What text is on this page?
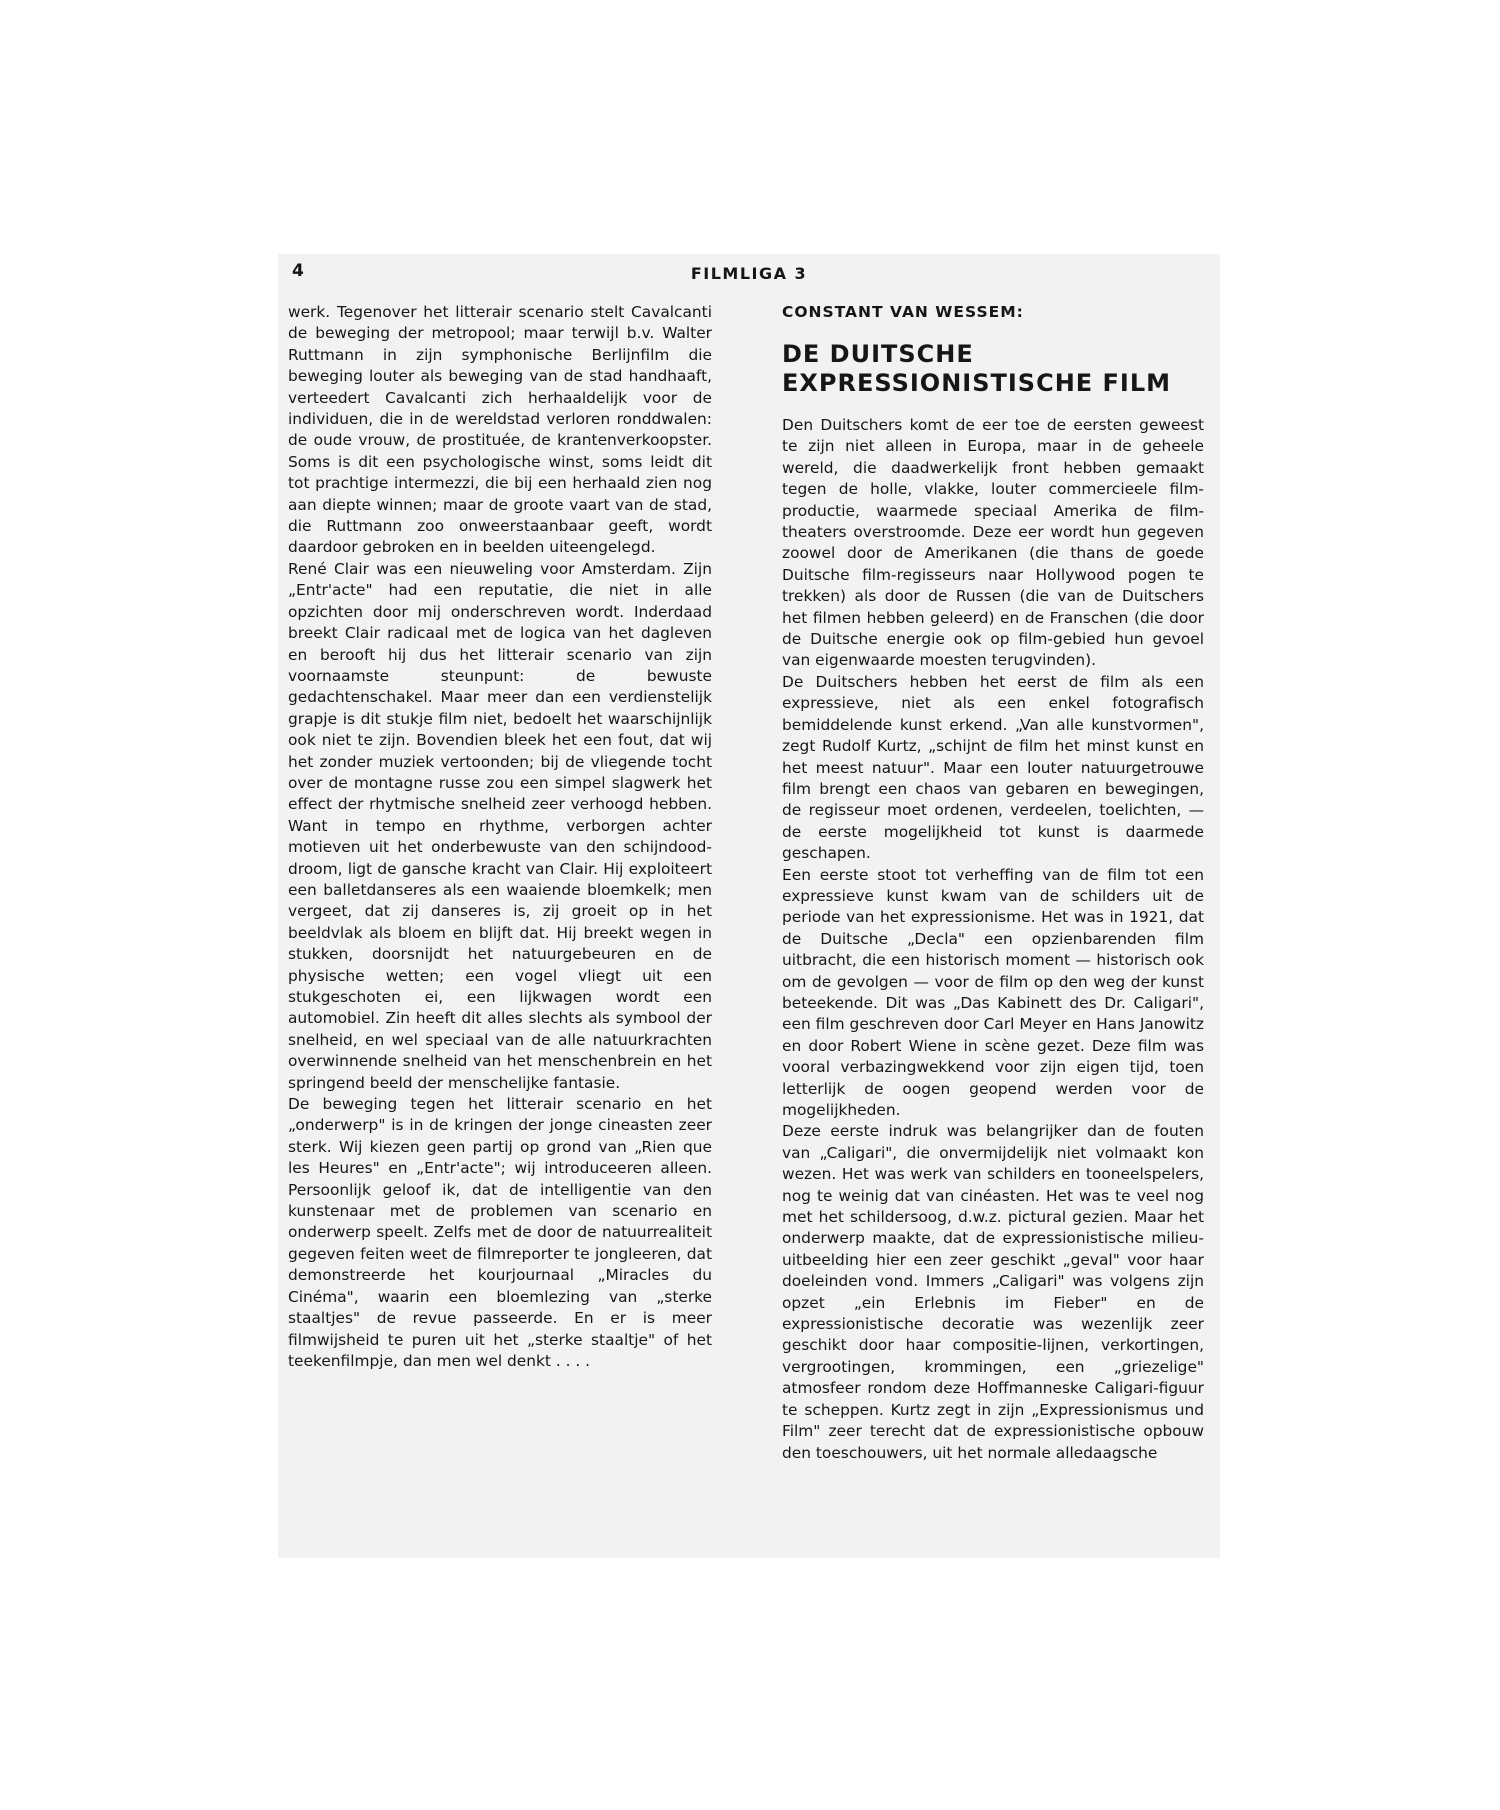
4	FILMLIGA 3

werk. Tegenover het litterair scenario stelt Cavalcanti de beweging der metropool; maar terwijl b.v. Walter Ruttmann in zijn symphonische Berlijnfilm die beweging louter als beweging van de stad handhaaft, verteedert Cavalcanti zich herhaaldelijk voor de individuen, die in de wereldstad verloren ronddwalen: de oude vrouw, de prostituée, de krantenverkoopster. Soms is dit een psychologische winst, soms leidt dit tot prachtige intermezzi, die bij een herhaald zien nog aan diepte winnen; maar de groote vaart van de stad, die Ruttmann zoo onweerstaanbaar geeft, wordt daardoor gebroken en in beelden uiteengelegd.

René Clair was een nieuweling voor Amsterdam. Zijn „Entr'acte" had een reputatie, die niet in alle opzichten door mij onderschreven wordt. Inderdaad breekt Clair radicaal met de logica van het dagleven en berooft hij dus het litterair scenario van zijn voornaamste steunpunt: de bewuste gedachtenschakel. Maar meer dan een verdienstelijk grapje is dit stukje film niet, bedoelt het waarschijnlijk ook niet te zijn. Bovendien bleek het een fout, dat wij het zonder muziek vertoonden; bij de vliegende tocht over de montagne russe zou een simpel slagwerk het effect der rhytmische snelheid zeer verhoogd hebben. Want in tempo en rhythme, verborgen achter motieven uit het onderbewuste van den schijndood-droom, ligt de gansche kracht van Clair. Hij exploiteert een balletdanseres als een waaiende bloemkelk; men vergeet, dat zij danseres is, zij groeit op in het beeldvlak als bloem en blijft dat. Hij breekt wegen in stukken, doorsnijdt het natuurgebeuren en de physische wetten; een vogel vliegt uit een stukgeschoten ei, een lijkwagen wordt een automobiel. Zin heeft dit alles slechts als symbool der snelheid, en wel speciaal van de alle natuurkrachten overwinnende snelheid van het menschenbrein en het springend beeld der menschelijke fantasie.

De beweging tegen het litterair scenario en het „onderwerp" is in de kringen der jonge cineasten zeer sterk. Wij kiezen geen partij op grond van „Rien que les Heures" en „Entr'acte"; wij introduceeren alleen. Persoonlijk geloof ik, dat de intelligentie van den kunstenaar met de problemen van scenario en onderwerp speelt. Zelfs met de door de natuurrealiteit gegeven feiten weet de filmreporter te jongleeren, dat demonstreerde het kourjournaal „Miracles du Cinéma", waarin een bloemlezing van „sterke staaltjes" de revue passeerde. En er is meer filmwijsheid te puren uit het „sterke staaltje" of het teekenfilmpje, dan men wel denkt . . . .

CONSTANT VAN WESSEM:
DE DUITSCHE
EXPRESSIONISTISCHE FILM

Den Duitschers komt de eer toe de eersten geweest te zijn niet alleen in Europa, maar in de geheele wereld, die daadwerkelijk front hebben gemaakt tegen de holle, vlakke, louter commercieele film-productie, waarmede speciaal Amerika de film-theaters overstroomde. Deze eer wordt hun gegeven zoowel door de Amerikanen (die thans de goede Duitsche film-regisseurs naar Hollywood pogen te trekken) als door de Russen (die van de Duitschers het filmen hebben geleerd) en de Franschen (die door de Duitsche energie ook op film-gebied hun gevoel van eigenwaarde moesten terugvinden).

De Duitschers hebben het eerst de film als een expressieve, niet als een enkel fotografisch bemiddelende kunst erkend. „Van alle kunstvormen", zegt Rudolf Kurtz, „schijnt de film het minst kunst en het meest natuur". Maar een louter natuurgetrouwe film brengt een chaos van gebaren en bewegingen, de regisseur moet ordenen, verdeelen, toelichten, — de eerste mogelijkheid tot kunst is daarmede geschapen.

Een eerste stoot tot verheffing van de film tot een expressieve kunst kwam van de schilders uit de periode van het expressionisme. Het was in 1921, dat de Duitsche „Decla" een opzienbarenden film uitbracht, die een historisch moment — historisch ook om de gevolgen — voor de film op den weg der kunst beteekende. Dit was „Das Kabinett des Dr. Caligari", een film geschreven door Carl Meyer en Hans Janowitz en door Robert Wiene in scène gezet. Deze film was vooral verbazingwekkend voor zijn eigen tijd, toen letterlijk de oogen geopend werden voor de mogelijkheden.

Deze eerste indruk was belangrijker dan de fouten van „Caligari", die onvermijdelijk niet volmaakt kon wezen. Het was werk van schilders en tooneelspelers, nog te weinig dat van cinéasten. Het was te veel nog met het schildersoog, d.w.z. pictural gezien. Maar het onderwerp maakte, dat de expressionistische milieu-uitbeelding hier een zeer geschikt „geval" voor haar doeleinden vond. Immers „Caligari" was volgens zijn opzet „ein Erlebnis im Fieber" en de expressionistische decoratie was wezenlijk zeer geschikt door haar compositie-lijnen, verkortingen, vergrootingen, krommingen, een „griezelige" atmosfeer rondom deze Hoffmanneske Caligari-figuur te scheppen. Kurtz zegt in zijn „Expressionismus und Film" zeer terecht dat de expressionistische opbouw den toeschouwers, uit het normale alledaagsche
